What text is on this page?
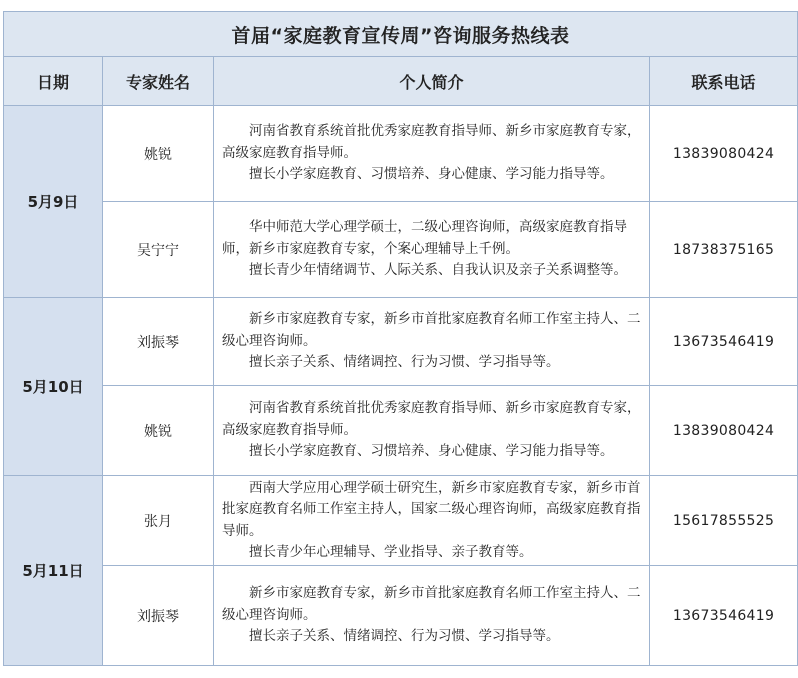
首届“家庭教育宣传周”咨询服务热线表			
日期	专家姓名	个人简介	联系电话
5月9日	姚锐	河南省教育系统首批优秀家庭教育指导师、新乡市家庭教育专家，高级家庭教育指导师。

擅长小学家庭教育、习惯培养、身心健康、学习能力指导等。	13839080424
	吴宁宁	华中师范大学心理学硕士，二级心理咨询师，高级家庭教育指导师，新乡市家庭教育专家，个案心理辅导上千例。

擅长青少年情绪调节、人际关系、自我认识及亲子关系调整等。	18738375165
5月10日	刘振琴	新乡市家庭教育专家，新乡市首批家庭教育名师工作室主持人、二级心理咨询师。

擅长亲子关系、情绪调控、行为习惯、学习指导等。	13673546419
	姚锐	河南省教育系统首批优秀家庭教育指导师、新乡市家庭教育专家，高级家庭教育指导师。

擅长小学家庭教育、习惯培养、身心健康、学习能力指导等。	13839080424
5月11日	张月	西南大学应用心理学硕士研究生，新乡市家庭教育专家，新乡市首批家庭教育名师工作室主持人，国家二级心理咨询师，高级家庭教育指导师。

擅长青少年心理辅导、学业指导、亲子教育等。	15617855525
	刘振琴	新乡市家庭教育专家，新乡市首批家庭教育名师工作室主持人、二级心理咨询师。

擅长亲子关系、情绪调控、行为习惯、学习指导等。	13673546419
